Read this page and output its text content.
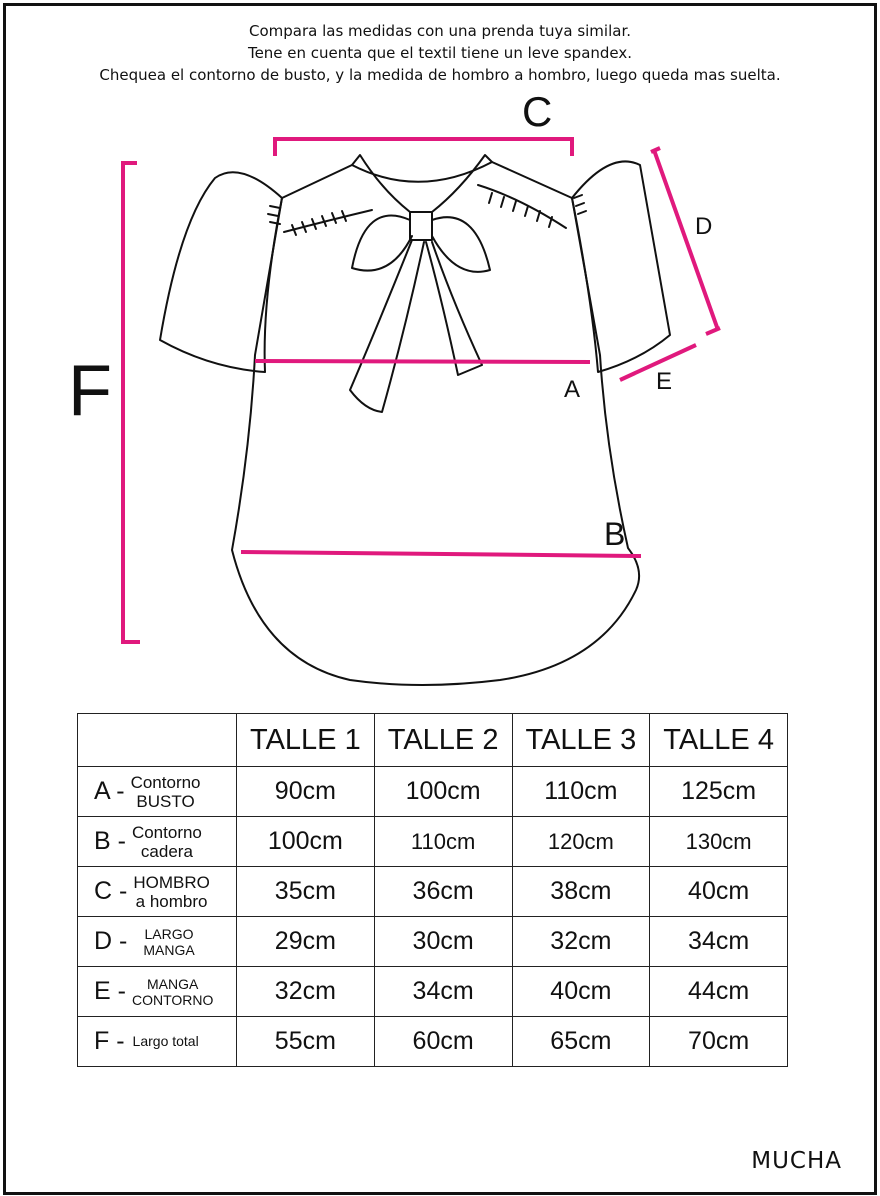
Compara las medidas con una prenda tuya similar.
Tene en cuenta que el textil tiene un leve spandex.
Chequea el contorno de busto, y la medida de hombro a hombro, luego queda mas suelta.
C
D
E
A
B
F
	TALLE 1	TALLE 2	TALLE 3	TALLE 4

A - Contorno
BUSTO	90cm	100cm	110cm	125cm

B - Contorno
cadera	100cm	110cm	120cm	130cm

C - HOMBRO
a hombro	35cm	36cm	38cm	40cm

D - LARGO
MANGA	29cm	30cm	32cm	34cm

E - MANGA
CONTORNO	32cm	34cm	40cm	44cm

F - Largo total	55cm	60cm	65cm	70cm
MUCHA
